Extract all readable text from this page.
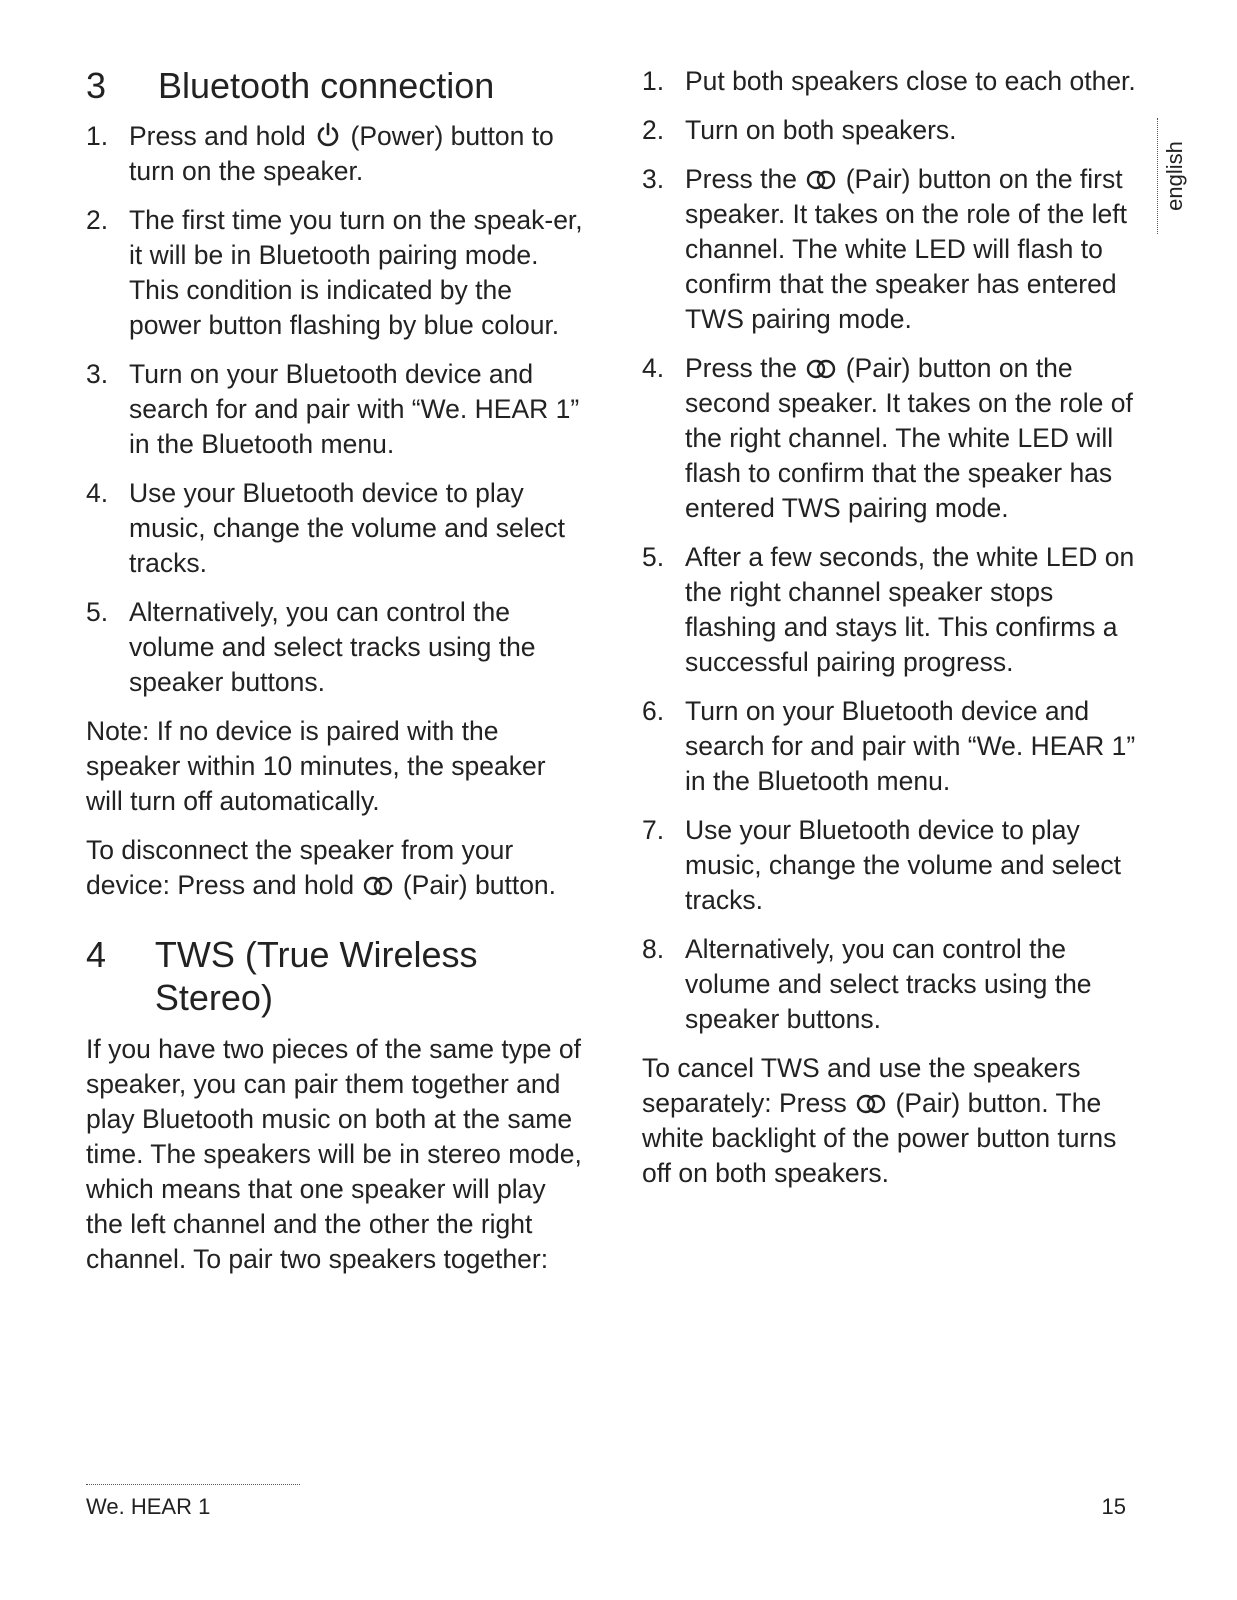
english
3	Bluetooth connection
1. Press and hold (Power) button to turn on the speaker.
2. The first time you turn on the speak-er, it will be in Bluetooth pairing mode. This condition is indicated by the power button flashing by blue colour.
3. Turn on your Bluetooth device and search for and pair with “We. HEAR 1” in the Bluetooth menu.
4. Use your Bluetooth device to play music, change the volume and select tracks.
5. Alternatively, you can control the volume and select tracks using the speaker buttons.

Note: If no device is paired with the speaker within 10 minutes, the speaker will turn off automatically.

To disconnect the speaker from your device: Press and hold (Pair) button.

4	TWS (True Wireless Stereo)

If you have two pieces of the same type of speaker, you can pair them together and play Bluetooth music on both at the same time. The speakers will be in stereo mode, which means that one speaker will play the left channel and the other the right channel. To pair two speakers together:

1. Put both speakers close to each other.
2. Turn on both speakers.
3. Press the (Pair) button on the first speaker. It takes on the role of the left channel. The white LED will flash to confirm that the speaker has entered TWS pairing mode.
4. Press the (Pair) button on the second speaker. It takes on the role of the right channel. The white LED will flash to confirm that the speaker has entered TWS pairing mode.
5. After a few seconds, the white LED on the right channel speaker stops flashing and stays lit. This confirms a successful pairing progress.
6. Turn on your Bluetooth device and search for and pair with “We. HEAR 1” in the Bluetooth menu.
7. Use your Bluetooth device to play music, change the volume and select tracks.
8. Alternatively, you can control the volume and select tracks using the speaker buttons.

To cancel TWS and use the speakers separately: Press (Pair) button. The white backlight of the power button turns off on both speakers.

We. HEAR 1	15
